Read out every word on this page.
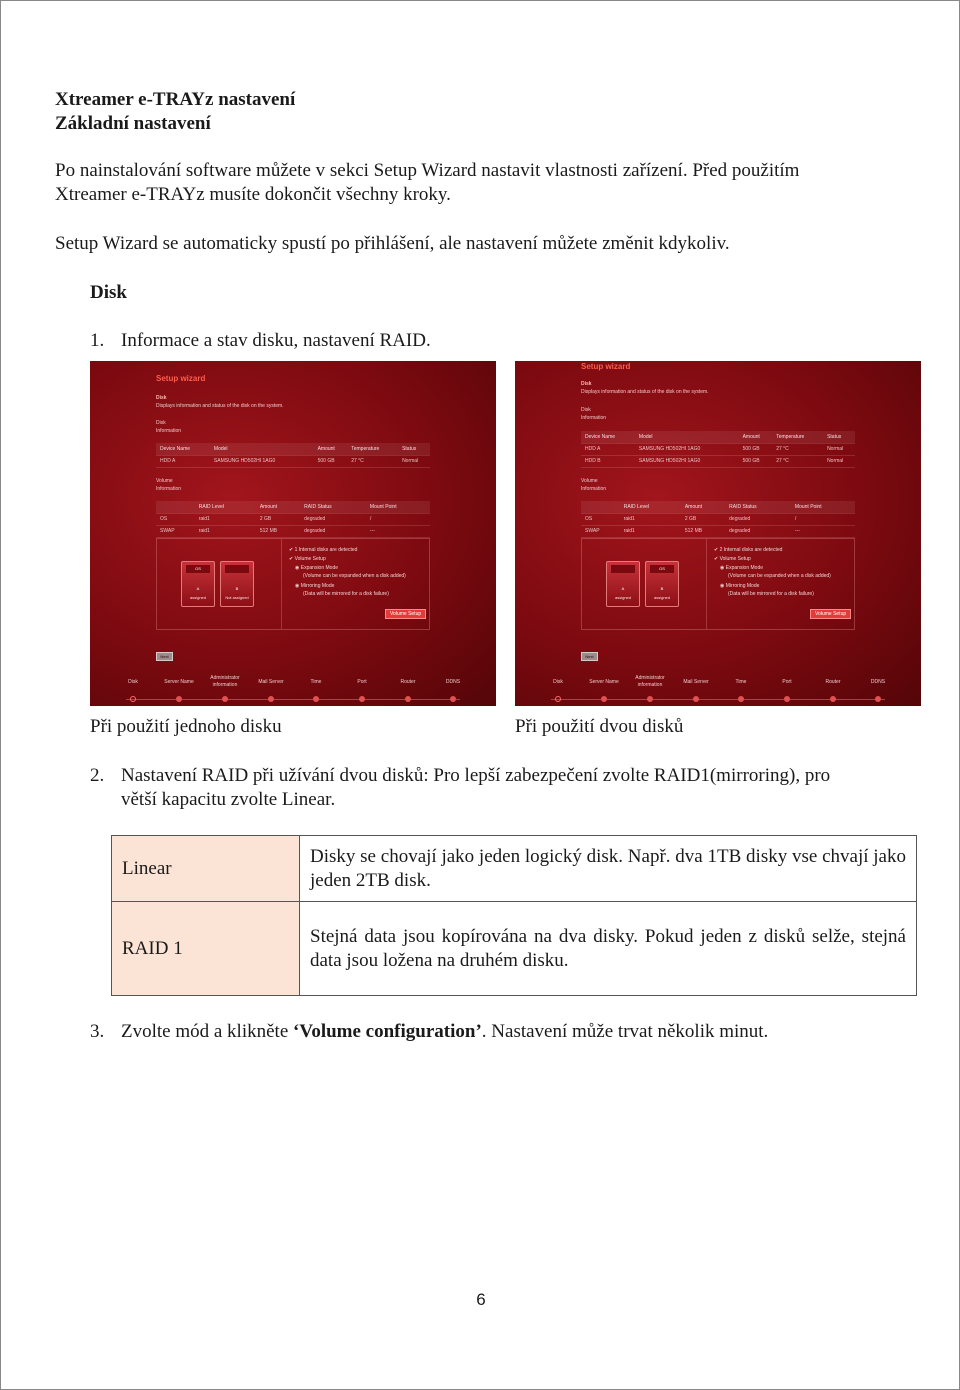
Xtreamer e-TRAYz nastavení
Základní nastavení
Po nainstalování software můžete v sekci Setup Wizard nastavit vlastnosti zařízení. Před použitím
Xtreamer e-TRAYz musíte dokončit všechny kroky.
Setup Wizard se automaticky spustí po přihlášení, ale nastavení můžete změnit kdykoliv.
Disk
1. Informace a stav disku, nastavení RAID.
Setup wizard
Disk
Displays information and status of the disk on the system.
Disk
Information
Device Name	Model	Amount	Temperature	Status
HDD A	SAMSUNG HD502HI 1AG0	500 GB	27 °C	Normal
Volume
Information
	RAID Level	Amount	RAID Status	Mount Point
OS	raid1	2 GB	degraded	/
SWAP	raid1	512 MB	degraded	---
OS
A
assigned
B
Not assigned
✔ 1 Internal disks are detected
✔ Volume Setup
◉ Expansion Mode
(Volume can be expanded when a disk added)
◉ Mirroring Mode
(Data will be mirrored for a disk failure)
Volume Setup
Next
Disk	Server Name
Administrator information	Mail Server	Time	Port	Router	DDNS
Setup wizard
Disk
Displays information and status of the disk on the system.
Disk
Information
Device Name	Model	Amount	Temperature	Status
HDD A	SAMSUNG HD502HI 1AG0	500 GB	27 °C	Normal
HDD B	SAMSUNG HD502HI 1AG0	500 GB	27 °C	Normal
Volume
Information
	RAID Level	Amount	RAID Status	Mount Point
OS	raid1	2 GB	degraded	/
SWAP	raid1	512 MB	degraded	---
A
assigned
OS
B
assigned
✔ 2 Internal disks are detected
✔ Volume Setup
◉ Expansion Mode
(Volume can be expanded when a disk added)
◉ Mirroring Mode
(Data will be mirrored for a disk failure)
Volume Setup
Next
Disk	Server Name
Administrator information	Mail Server	Time	Port	Router	DDNS
Při použití jednoho disku	Při použití dvou disků
2. Nastavení RAID při užívání dvou disků: Pro lepší zabezpečení zvolte RAID1(mirroring), pro
větší kapacitu zvolte Linear.
Linear	Disky se chovají jako jeden logický disk. Např. dva 1TB disky vse chvají jako jeden 2TB disk.
RAID 1	Stejná data jsou kopírována na dva disky. Pokud jeden z disků selže, stejná data jsou ložena na druhém disku.
3. Zvolte mód a klikněte ‘Volume configuration’. Nastavení může trvat několik minut.
6
